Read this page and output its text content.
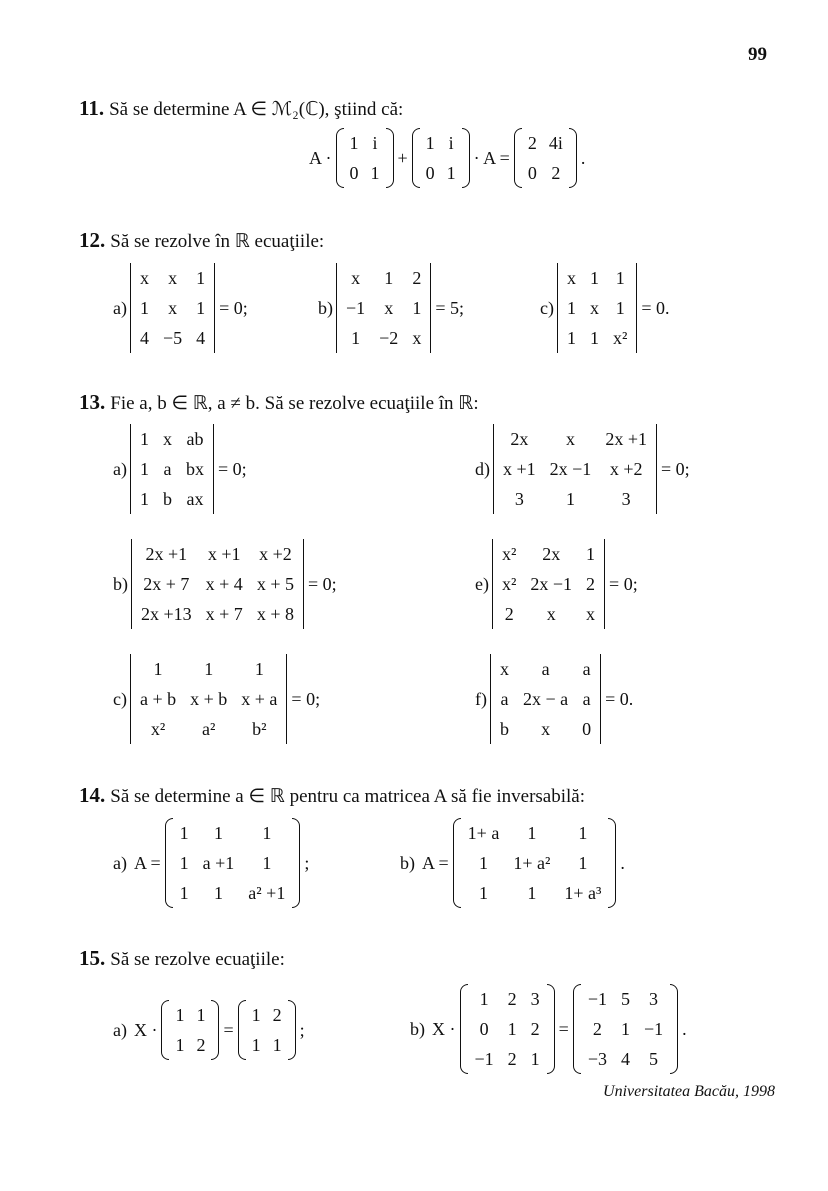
99
11. Să se determine A ∈ ℳ₂(ℂ), ştiind că:
A ·
1	i
0	1
+
1	i
0	1
· A =
2	4i
0	2
.
12. Să se rezolve în ℝ ecuaţiile:
a)
x	x	1
1	x	1
4	−5	4
= 0;	b)
x	1	2
−1	x	1
1	−2	x
= 5;	c)
x	1	1
1	x	1
1	1	x²
= 0.
13. Fie a, b ∈ ℝ, a ≠ b. Să se rezolve ecuaţiile în ℝ:
a)
1	x	ab
1	a	bx
1	b	ax
= 0;	d)
2x	x	2x +1
x +1	2x −1	x +2
3	1	3
= 0;
b)
2x +1	x +1	x +2
2x + 7	x + 4	x + 5
2x +13	x + 7	x + 8
= 0;	e)
x²	2x	1
x²	2x −1	2
2	x	x
= 0;
c)
1	1	1
a + b	x + b	x + a
x²	a²	b²
= 0;	f)
x	a	a
a	2x − a	a
b	x	0
= 0.
14. Să se determine a ∈ ℝ pentru ca matricea A să fie inversabilă:
a) A =
1	1	1
1	a +1	1
1	1	a² +1
;	b) A =
1+ a	1	1
1	1+ a²	1
1	1	1+ a³
.
15. Să se rezolve ecuaţiile:
a) X ·
1	1
1	2
=
1	2
1	1
;	b) X ·
1	2	3
0	1	2
−1	2	1
=
−1	5	3
2	1	−1
−3	4	5
.
Universitatea Bacău, 1998
